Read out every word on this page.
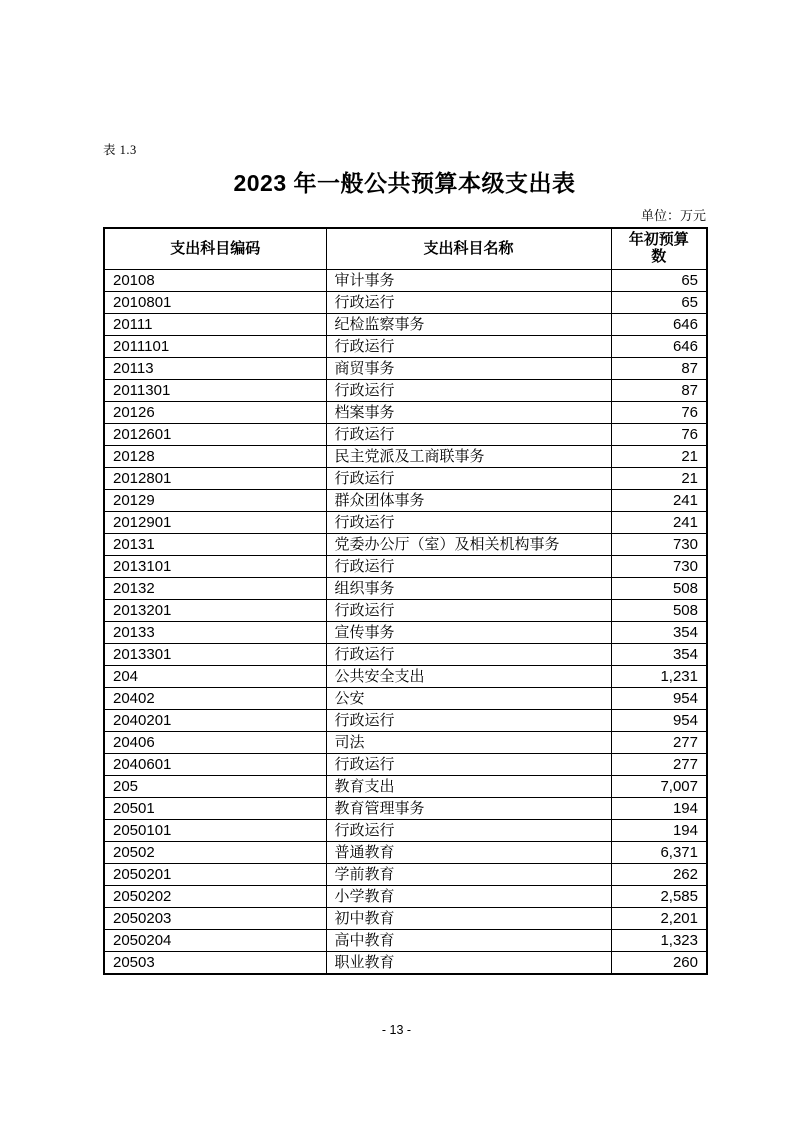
表 1.3
2023 年一般公共预算本级支出表
单位：万元
支出科目编码	支出科目名称	年初预算数
20108	审计事务	65
2010801	行政运行	65
20111	纪检监察事务	646
2011101	行政运行	646
20113	商贸事务	87
2011301	行政运行	87
20126	档案事务	76
2012601	行政运行	76
20128	民主党派及工商联事务	21
2012801	行政运行	21
20129	群众团体事务	241
2012901	行政运行	241
20131	党委办公厅（室）及相关机构事务	730
2013101	行政运行	730
20132	组织事务	508
2013201	行政运行	508
20133	宣传事务	354
2013301	行政运行	354
204	公共安全支出	1,231
20402	公安	954
2040201	行政运行	954
20406	司法	277
2040601	行政运行	277
205	教育支出	7,007
20501	教育管理事务	194
2050101	行政运行	194
20502	普通教育	6,371
2050201	学前教育	262
2050202	小学教育	2,585
2050203	初中教育	2,201
2050204	高中教育	1,323
20503	职业教育	260
- 13 -
